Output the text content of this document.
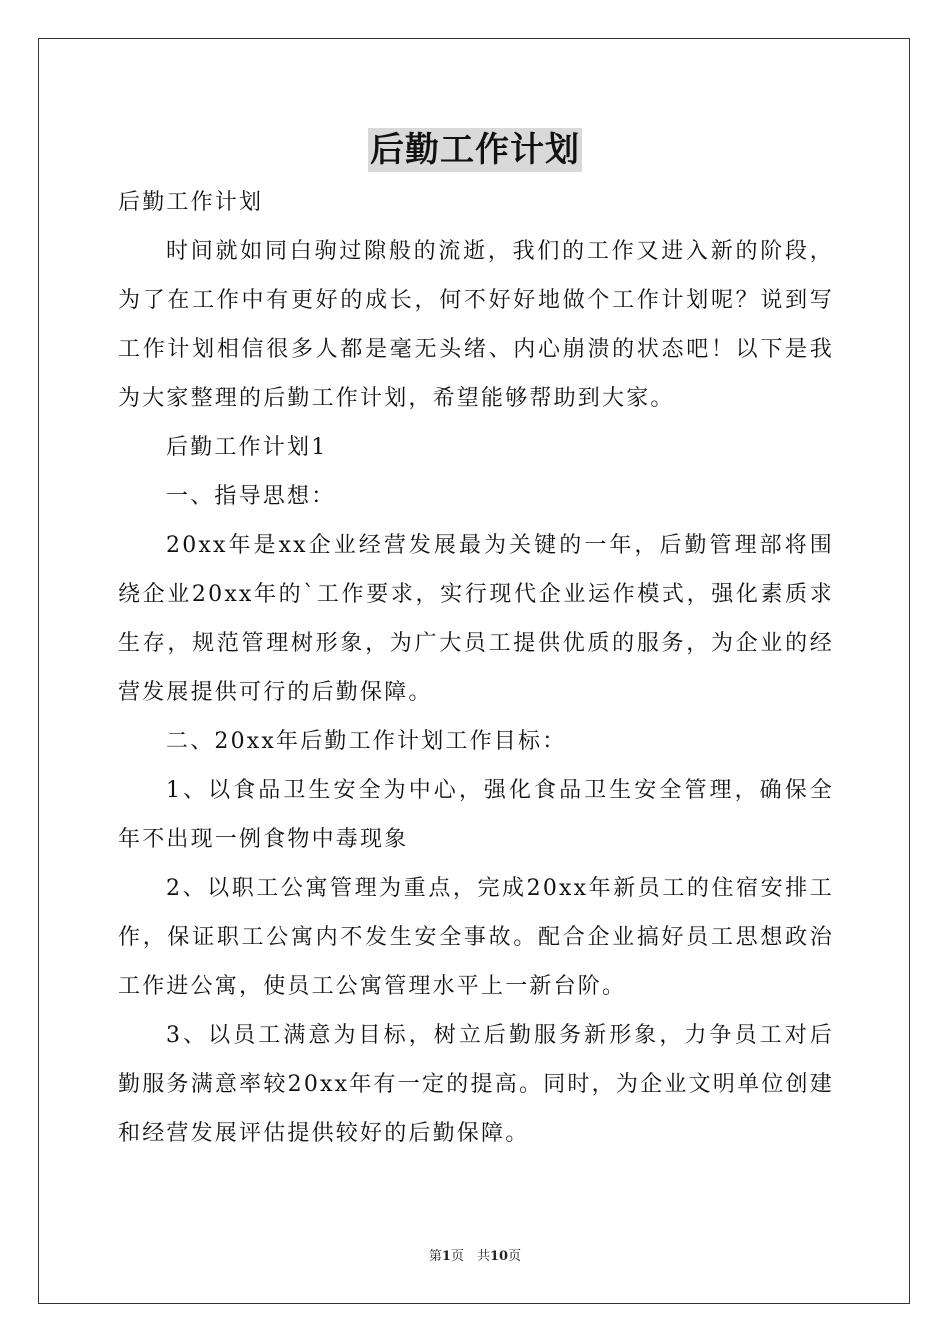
后勤工作计划

后勤工作计划

时间就如同白驹过隙般的流逝，我们的工作又进入新的阶段，为了在工作中有更好的成长，何不好好地做个工作计划呢？说到写工作计划相信很多人都是毫无头绪、内心崩溃的状态吧！以下是我为大家整理的后勤工作计划，希望能够帮助到大家。

后勤工作计划1

一、指导思想：

20xx年是xx企业经营发展最为关键的一年，后勤管理部将围绕企业20xx年的`工作要求，实行现代企业运作模式，强化素质求生存，规范管理树形象，为广大员工提供优质的服务，为企业的经营发展提供可行的后勤保障。

二、20xx年后勤工作计划工作目标：

1、以食品卫生安全为中心，强化食品卫生安全管理，确保全年不出现一例食物中毒现象

2、以职工公寓管理为重点，完成20xx年新员工的住宿安排工作，保证职工公寓内不发生安全事故。配合企业搞好员工思想政治工作进公寓，使员工公寓管理水平上一新台阶。

3、以员工满意为目标，树立后勤服务新形象，力争员工对后勤服务满意率较20xx年有一定的提高。同时，为企业文明单位创建和经营发展评估提供较好的后勤保障。

第1页　共10页
